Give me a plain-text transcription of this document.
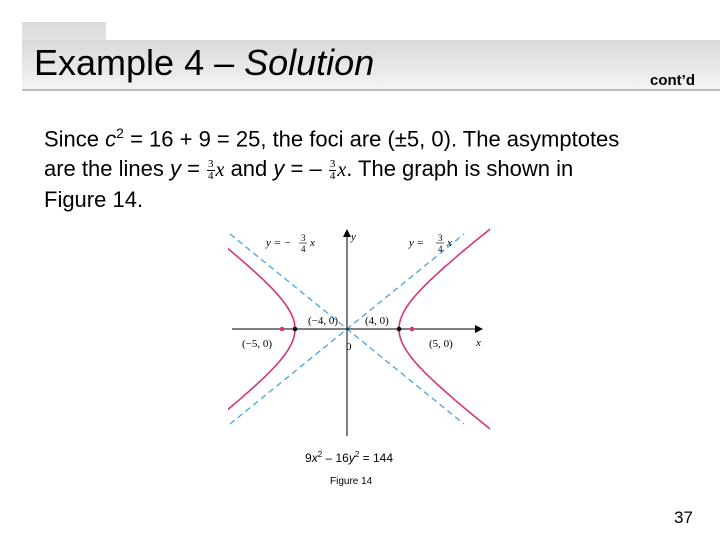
Example 4 – Solution	cont’d
Since $c^2 = 16 + 9 = 25$, the foci are (±5, 0). The asymptotes
are the lines $y = \frac{3}{4}$ x and y = – $\frac{3}{4} x$. The graph is shown in
Figure 14.
y = − 3
4 x	y = 3
4 x
y
x
0
(−4, 0) (4, 0)
(−5, 0)	(5, 0)
$9x^2 - 16y^2 = 144$
Figure 14
37
